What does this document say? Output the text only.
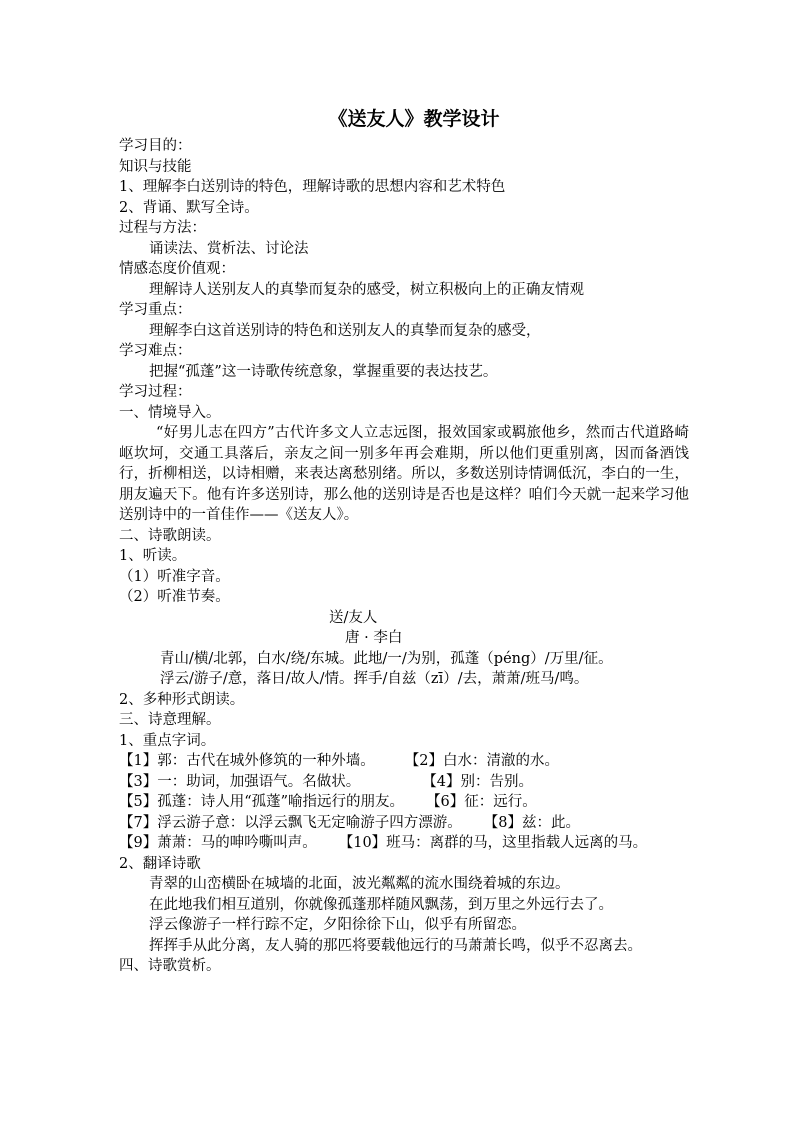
《送友人》教学设计
学习目的：
知识与技能
1、理解李白送别诗的特色，理解诗歌的思想内容和艺术特色
2、背诵、默写全诗。
过程与方法：
诵读法、赏析法、讨论法
情感态度价值观：
理解诗人送别友人的真挚而复杂的感受，树立积极向上的正确友情观
学习重点：
理解李白这首送别诗的特色和送别友人的真挚而复杂的感受，
学习难点：
把握“孤蓬”这一诗歌传统意象，掌握重要的表达技艺。
学习过程：
一、情境导入。
“好男儿志在四方”古代许多文人立志远图，报效国家或羁旅他乡，然而古代道路崎岖坎坷，交通工具落后，亲友之间一别多年再会难期，所以他们更重别离，因而备酒饯行，折柳相送，以诗相赠，来表达离愁别绪。所以，多数送别诗情调低沉，李白的一生，朋友遍天下。他有许多送别诗，那么他的送别诗是否也是这样？咱们今天就一起来学习他送别诗中的一首佳作——《送友人》。
二、诗歌朗读。
1、听读。
（1）听准字音。
（2）听准节奏。
送/友人
唐 · 李白
青山/横/北郭，白水/绕/东城。此地/一/为别，孤蓬（péng）/万里/征。
浮云/游子/意，落日/故人/情。挥手/自兹（zī）/去，萧萧/班马/鸣。
2、多种形式朗读。
三、诗意理解。
1、重点字词。
【1】郭：古代在城外修筑的一种外墙。 【2】白水：清澈的水。
【3】一：助词，加强语气。名做状。	【4】别：告别。
【5】孤蓬：诗人用“孤蓬”喻指远行的朋友。 【6】征：远行。
【7】浮云游子意：以浮云飘飞无定喻游子四方漂游。 【8】兹：此。
【9】萧萧：马的呻吟嘶叫声。 【10】班马：离群的马，这里指载人远离的马。
2、翻译诗歌
青翠的山峦横卧在城墙的北面，波光粼粼的流水围绕着城的东边。
在此地我们相互道别，你就像孤蓬那样随风飘荡，到万里之外远行去了。
浮云像游子一样行踪不定，夕阳徐徐下山，似乎有所留恋。
挥挥手从此分离，友人骑的那匹将要载他远行的马萧萧长鸣，似乎不忍离去。
四、诗歌赏析。
